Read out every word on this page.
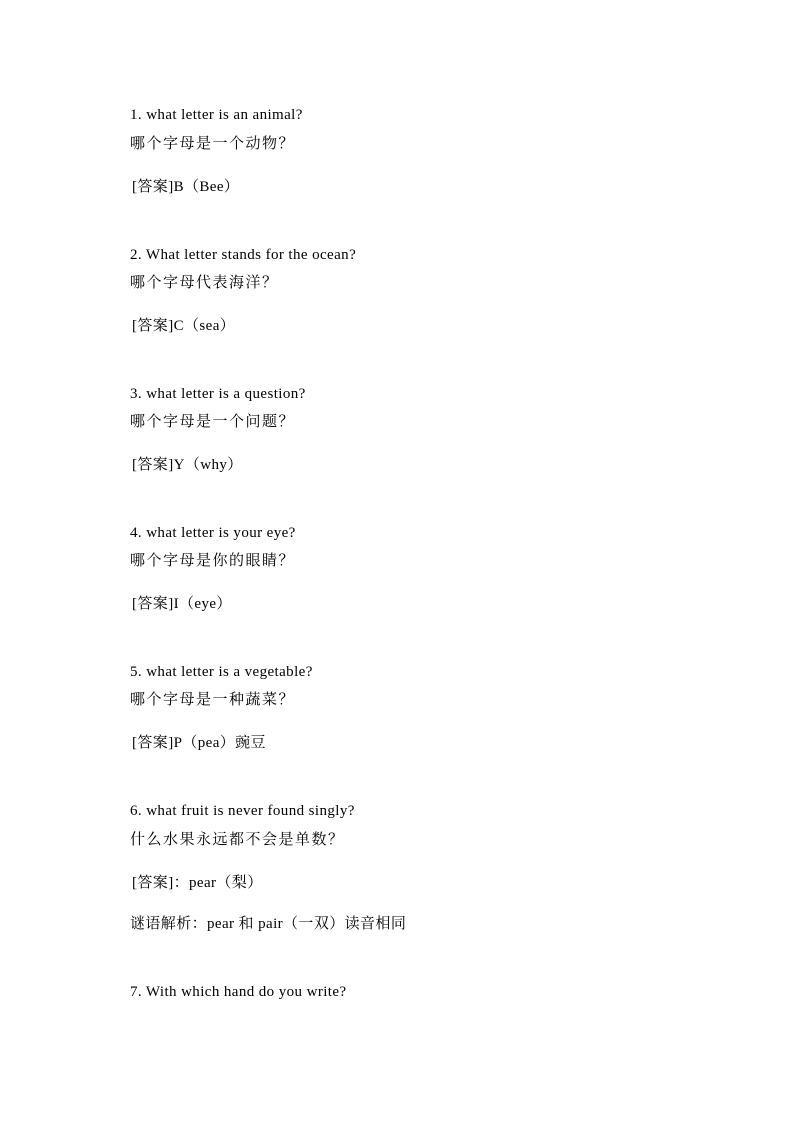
1. what letter is an animal?
哪个字母是一个动物？
[答案]B（Bee）
2. What letter stands for the ocean?
哪个字母代表海洋？
[答案]C（sea）
3. what letter is a question?
哪个字母是一个问题？
[答案]Y（why）
4. what letter is your eye?
哪个字母是你的眼睛？
[答案]I（eye）
5. what letter is a vegetable?
哪个字母是一种蔬菜？
[答案]P（pea）豌豆
6. what fruit is never found singly?
什么水果永远都不会是单数？
[答案]：pear（梨）
谜语解析：pear 和 pair（一双）读音相同
7. With which hand do you write?
